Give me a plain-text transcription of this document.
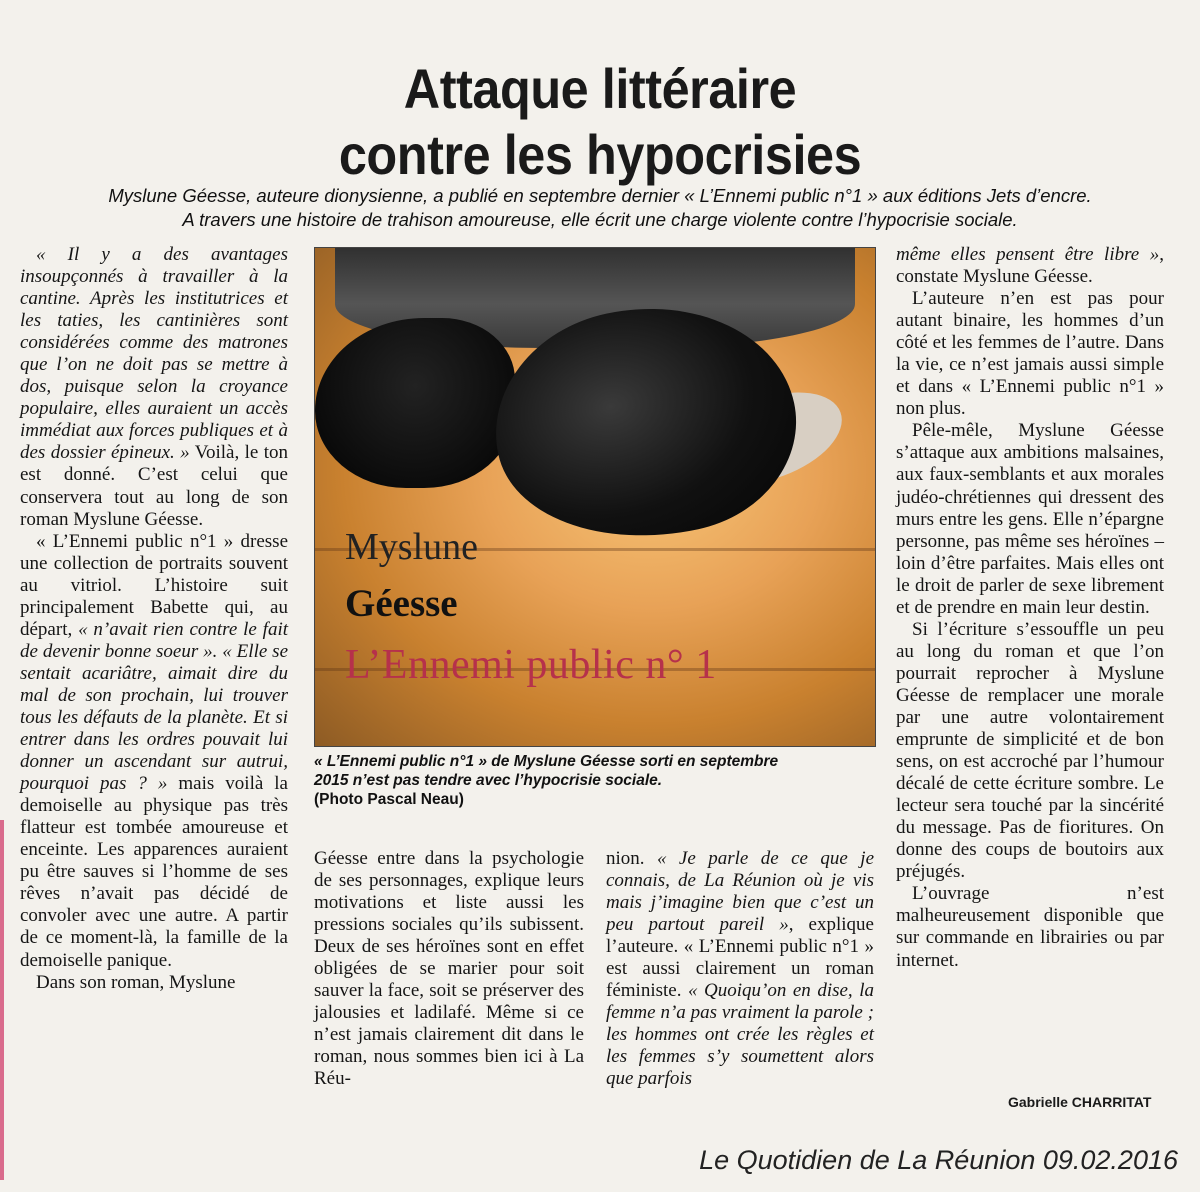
Attaque littéraire
contre les hypocrisies
Myslune Géesse, auteure dionysienne, a publié en septembre dernier « L’Ennemi public n°1 » aux éditions Jets d’encre.
A travers une histoire de trahison amoureuse, elle écrit une charge violente contre l’hypocrisie sociale.

« Il y a des avantages insoupçonnés à travailler à la cantine. Après les institutrices et les taties, les cantinières sont considérées comme des matrones que l’on ne doit pas se mettre à dos, puisque selon la croyance populaire, elles auraient un accès immédiat aux forces publiques et à des dossier épineux. » Voilà, le ton est donné. C’est celui que conservera tout au long de son roman Myslune Géesse.

« L’Ennemi public n°1 » dresse une collection de portraits souvent au vitriol. L’histoire suit principalement Babette qui, au départ, « n’avait rien contre le fait de devenir bonne soeur ». « Elle se sentait acariâtre, aimait dire du mal de son prochain, lui trouver tous les défauts de la planète. Et si entrer dans les ordres pouvait lui donner un ascendant sur autrui, pourquoi pas ? » mais voilà la demoiselle au physique pas très flatteur est tombée amoureuse et enceinte. Les apparences auraient pu être sauves si l’homme de ses rêves n’avait pas décidé de convoler avec une autre. A partir de ce moment-là, la famille de la demoiselle panique.

Dans son roman, Myslune

Myslune
Géesse
L’Ennemi public n° 1
« L’Ennemi public n°1 » de Myslune Géesse sorti en septembre
2015 n’est pas tendre avec l’hypocrisie sociale.
(Photo Pascal Neau)

Géesse entre dans la psychologie de ses personnages, explique leurs motivations et liste aussi les pressions sociales qu’ils subissent. Deux de ses héroïnes sont en effet obligées de se marier pour soit sauver la face, soit se préserver des jalousies et ladilafé. Même si ce n’est jamais clairement dit dans le roman, nous sommes bien ici à La Réu-

nion. « Je parle de ce que je connais, de La Réunion où je vis mais j’imagine bien que c’est un peu partout pareil », explique l’auteure. « L’Ennemi public n°1 » est aussi clairement un roman féministe. « Quoiqu’on en dise, la femme n’a pas vraiment la parole ; les hommes ont crée les règles et les femmes s’y soumettent alors que parfois

même elles pensent être libre », constate Myslune Géesse.

L’auteure n’en est pas pour autant binaire, les hommes d’un côté et les femmes de l’autre. Dans la vie, ce n’est jamais aussi simple et dans « L’Ennemi public n°1 » non plus.

Pêle-mêle, Myslune Géesse s’attaque aux ambitions malsaines, aux faux-semblants et aux morales judéo-chrétiennes qui dressent des murs entre les gens. Elle n’épargne personne, pas même ses héroïnes – loin d’être parfaites. Mais elles ont le droit de parler de sexe librement et de prendre en main leur destin.

Si l’écriture s’essouffle un peu au long du roman et que l’on pourrait reprocher à Myslune Géesse de remplacer une morale par une autre volontairement emprunte de simplicité et de bon sens, on est accroché par l’humour décalé de cette écriture sombre. Le lecteur sera touché par la sincérité du message. Pas de fioritures. On donne des coups de boutoirs aux préjugés.

L’ouvrage n’est malheureusement disponible que sur commande en librairies ou par internet.

Gabrielle CHARRITAT
Le Quotidien de La Réunion 09.02.2016
